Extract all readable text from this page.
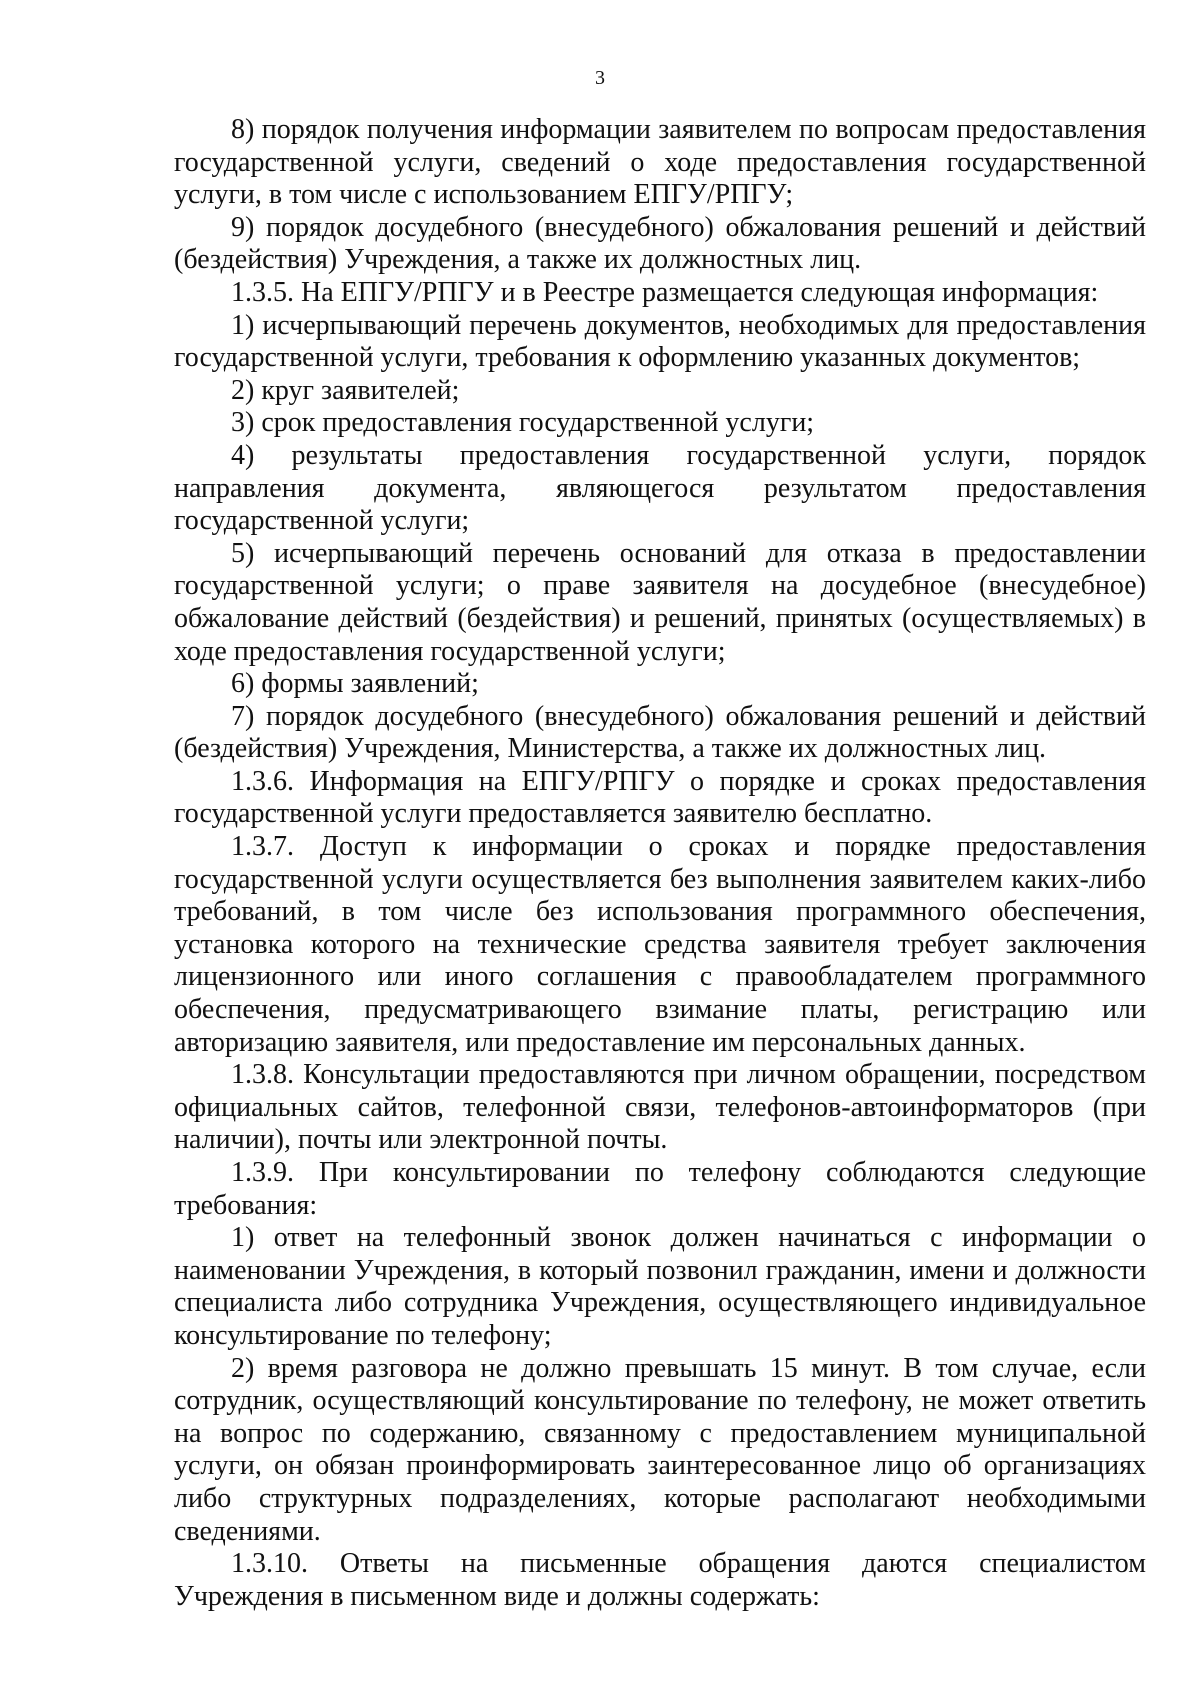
3

8) порядок получения информации заявителем по вопросам предоставления государственной услуги, сведений о ходе предоставления государственной услуги, в том числе с использованием ЕПГУ/РПГУ;

9) порядок досудебного (внесудебного) обжалования решений и действий (бездействия) Учреждения, а также их должностных лиц.

1.3.5. На ЕПГУ/РПГУ и в Реестре размещается следующая информация:

1) исчерпывающий перечень документов, необходимых для предоставления государственной услуги, требования к оформлению указанных документов;

2) круг заявителей;

3) срок предоставления государственной услуги;

4) результаты предоставления государственной услуги, порядок направления документа, являющегося результатом предоставления государственной услуги;

5) исчерпывающий перечень оснований для отказа в предоставлении государственной услуги; о праве заявителя на досудебное (внесудебное) обжалование действий (бездействия) и решений, принятых (осуществляемых) в ходе предоставления государственной услуги;

6) формы заявлений;

7) порядок досудебного (внесудебного) обжалования решений и действий (бездействия) Учреждения, Министерства, а также их должностных лиц.

1.3.6. Информация на ЕПГУ/РПГУ о порядке и сроках предоставления государственной услуги предоставляется заявителю бесплатно.

1.3.7. Доступ к информации о сроках и порядке предоставления государственной услуги осуществляется без выполнения заявителем каких-либо требований, в том числе без использования программного обеспечения, установка которого на технические средства заявителя требует заключения лицензионного или иного соглашения с правообладателем программного обеспечения, предусматривающего взимание платы, регистрацию или авторизацию заявителя, или предоставление им персональных данных.

1.3.8. Консультации предоставляются при личном обращении, посредством официальных сайтов, телефонной связи, телефонов-автоинформаторов (при наличии), почты или электронной почты.

1.3.9. При консультировании по телефону соблюдаются следующие требования:

1) ответ на телефонный звонок должен начинаться с информации о наименовании Учреждения, в который позвонил гражданин, имени и должности специалиста либо сотрудника Учреждения, осуществляющего индивидуальное консультирование по телефону;

2) время разговора не должно превышать 15 минут. В том случае, если сотрудник, осуществляющий консультирование по телефону, не может ответить на вопрос по содержанию, связанному с предоставлением муниципальной услуги, он обязан проинформировать заинтересованное лицо об организациях либо структурных подразделениях, которые располагают необходимыми сведениями.

1.3.10. Ответы на письменные обращения даются специалистом Учреждения в письменном виде и должны содержать:
